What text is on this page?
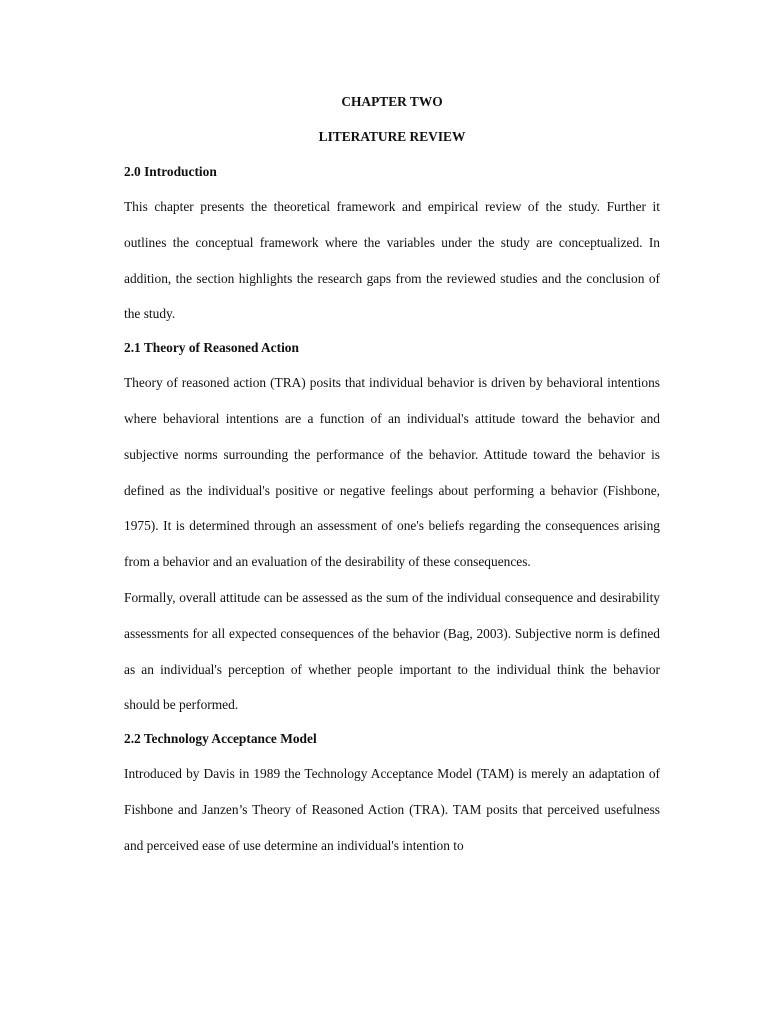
CHAPTER TWO

LITERATURE REVIEW

2.0 Introduction

This chapter presents the theoretical framework and empirical review of the study. Further it outlines the conceptual framework where the variables under the study are conceptualized. In addition, the section highlights the research gaps from the reviewed studies and the conclusion of the study.

2.1 Theory of Reasoned Action

Theory of reasoned action (TRA) posits that individual behavior is driven by behavioral intentions where behavioral intentions are a function of an individual's attitude toward the behavior and subjective norms surrounding the performance of the behavior. Attitude toward the behavior is defined as the individual's positive or negative feelings about performing a behavior (Fishbone, 1975). It is determined through an assessment of one's beliefs regarding the consequences arising from a behavior and an evaluation of the desirability of these consequences.

Formally, overall attitude can be assessed as the sum of the individual consequence and desirability assessments for all expected consequences of the behavior (Bag, 2003). Subjective norm is defined as an individual's perception of whether people important to the individual think the behavior should be performed.

2.2 Technology Acceptance Model

Introduced by Davis in 1989 the Technology Acceptance Model (TAM) is merely an adaptation of Fishbone and Janzen’s Theory of Reasoned Action (TRA). TAM posits that perceived usefulness and perceived ease of use determine an individual's intention to
